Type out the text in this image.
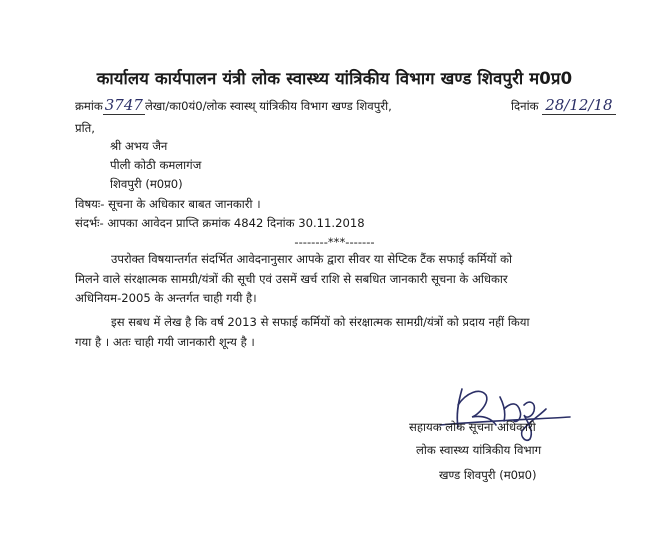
कार्यालय कार्यपालन यंत्री लोक स्वास्थ्य यांत्रिकीय विभाग खण्ड शिवपुरी म0प्र0
क्रमांक 3747 लेखा/का0यं0/लोक स्वास्थ् यांत्रिकीय विभाग खण्ड शिवपुरी,	दिनांक 28/12/18
प्रति,
श्री अभय जैन
पीली कोठी कमलागंज
शिवपुरी (म0प्र0)
विषयः- सूचना के अधिकार बाबत जानकारी ।
संदर्भः- आपका आवेदन प्राप्ति क्रमांक 4842 दिनांक 30.11.2018
--------***-------
उपरोक्त विषयान्तर्गत संदर्भित आवेदनानुसार आपके द्वारा सीवर या सेप्टिक टैंक सफाई कर्मियों को
मिलने वाले संरक्षात्मक सामग्री/यंत्रों की सूची एवं उसमें खर्च राशि से सबधित जानकारी सूचना के अधिकार
अधिनियम-2005 के अन्तर्गत चाही गयी है।
इस सबध में लेख है कि वर्ष 2013 से सफाई कर्मियों को संरक्षात्मक सामग्री/यंत्रों को प्रदाय नहीं किया
गया है । अतः चाही गयी जानकारी शून्य है ।
सहायक लोक सूचना अधिकारी
लोक स्वास्थ्य यांत्रिकीय विभाग
खण्ड शिवपुरी (म0प्र0)
